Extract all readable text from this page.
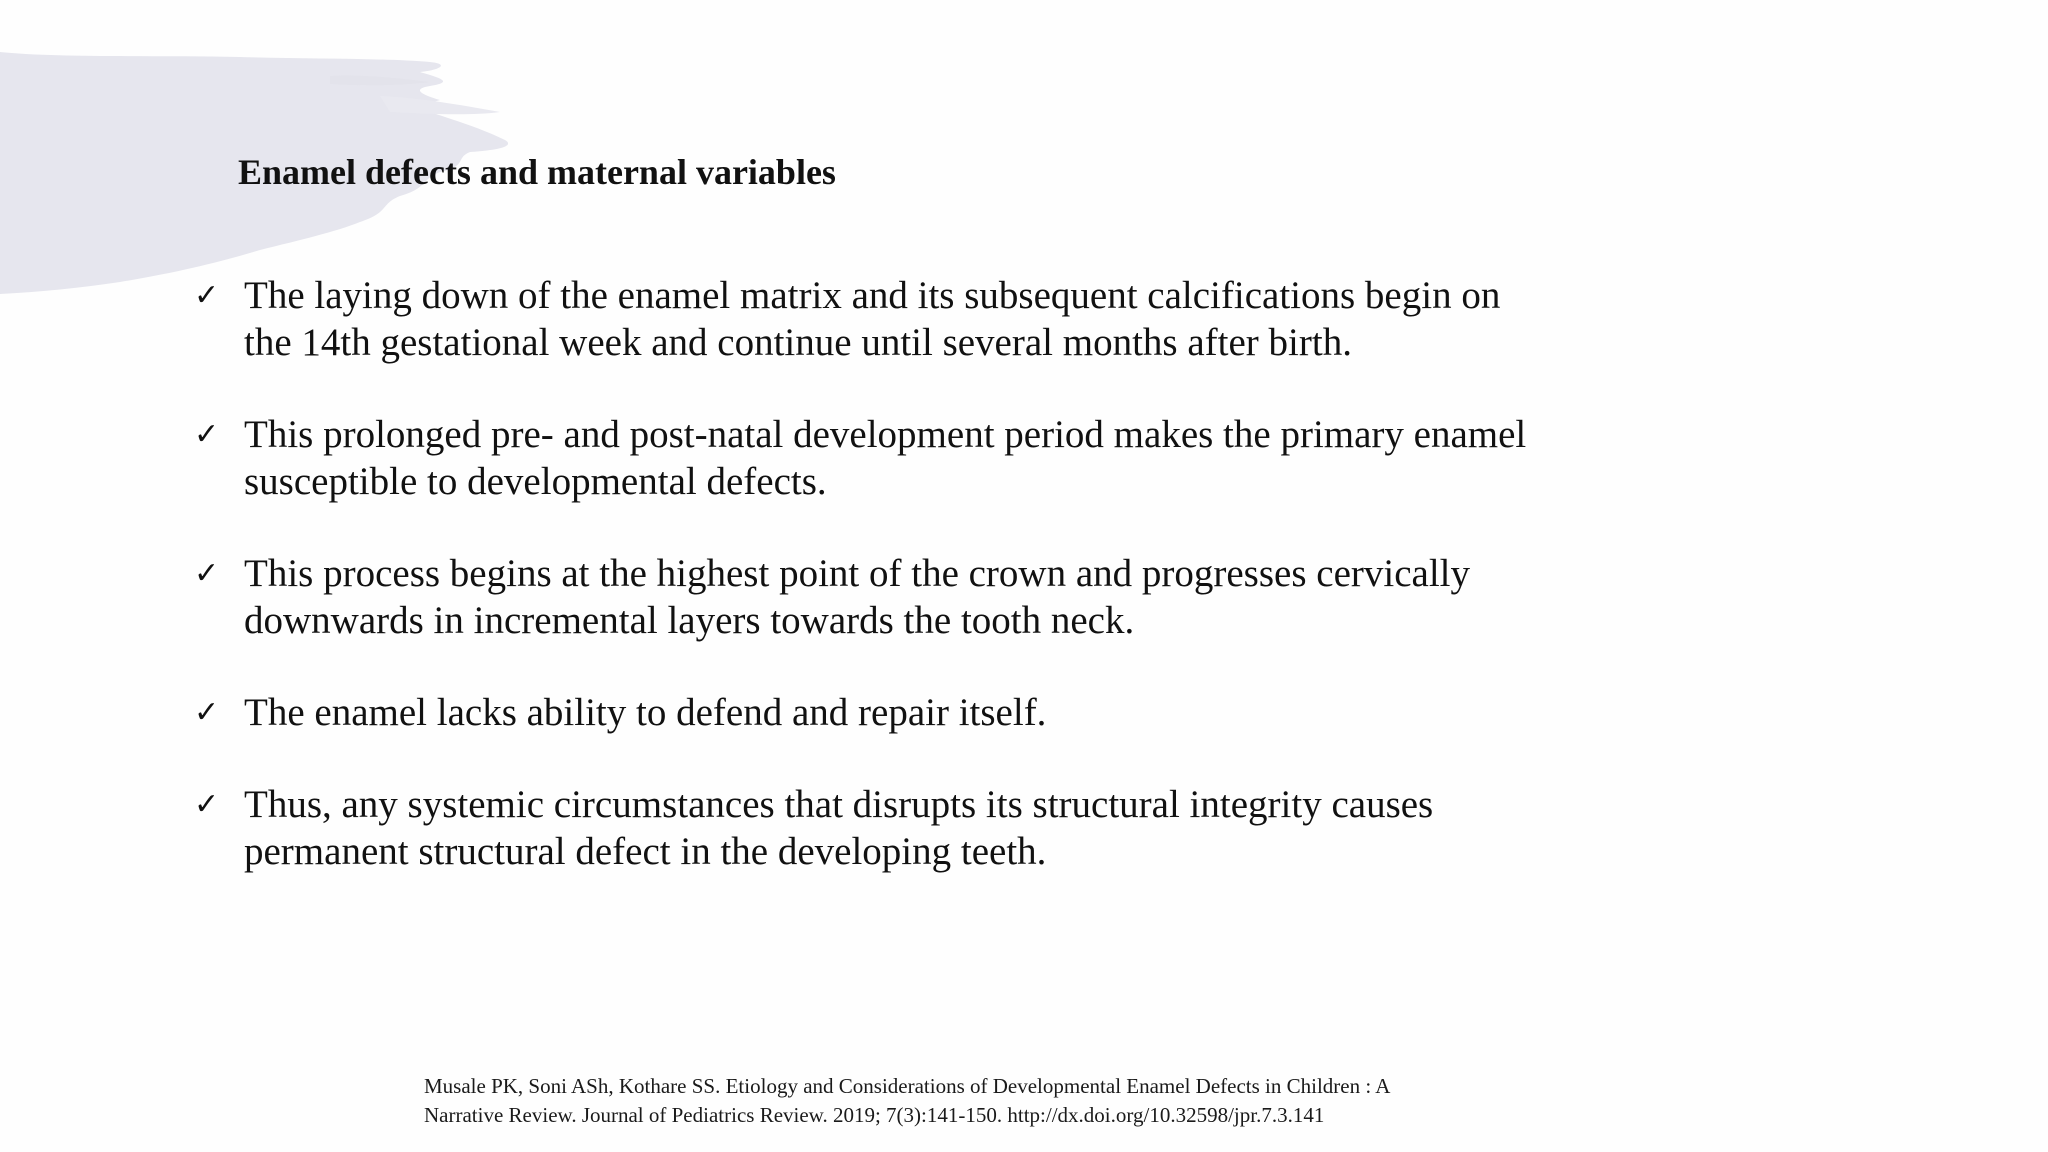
Enamel defects and maternal variables
✓ The laying down of the enamel matrix and its subsequent calcifications begin on
the 14th gestational week and continue until several months after birth.
✓ This prolonged pre- and post-natal development period makes the primary enamel
susceptible to developmental defects.
✓ This process begins at the highest point of the crown and progresses cervically
downwards in incremental layers towards the tooth neck.
✓ The enamel lacks ability to defend and repair itself.
✓ Thus, any systemic circumstances that disrupts its structural integrity causes
permanent structural defect in the developing teeth.
Musale PK, Soni ASh, Kothare SS. Etiology and Considerations of Developmental Enamel Defects in Children : A
Narrative Review. Journal of Pediatrics Review. 2019; 7(3):141-150. http://dx.doi.org/10.32598/jpr.7.3.141
